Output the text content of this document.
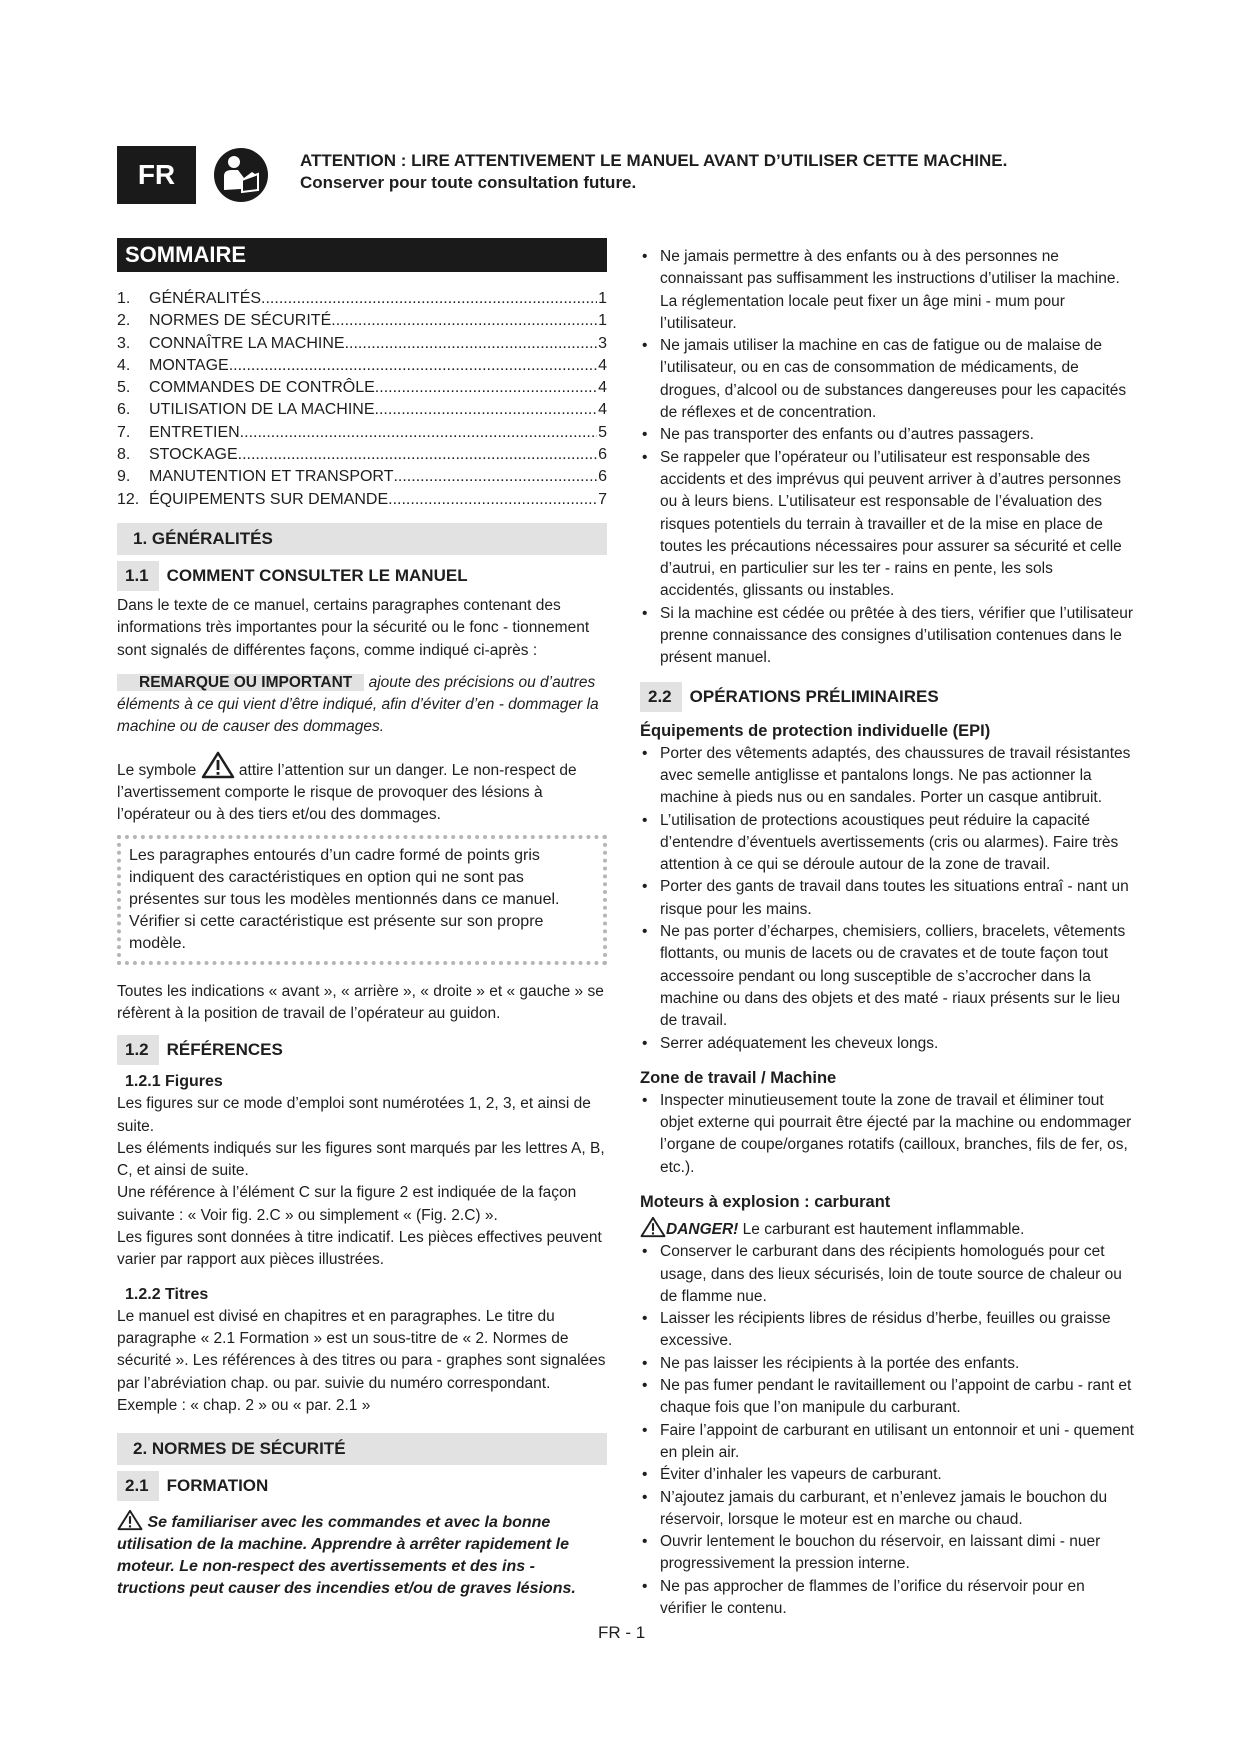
FR	ATTENTION : LIRE ATTENTIVEMENT LE MANUEL AVANT D’UTILISER CETTE MACHINE.
Conserver pour toute consultation future.
SOMMAIRE
1.	GÉNÉRALITÉS .....	1
2.	NORMES DE SÉCURITÉ .....	1
3.	CONNAÎTRE LA MACHINE .....	3
4.	MONTAGE .....	4
5.	COMMANDES DE CONTRÔLE .....	4
6.	UTILISATION DE LA MACHINE .....	4
7.	ENTRETIEN .....	5
8.	STOCKAGE .....	6
9.	MANUTENTION ET TRANSPORT .....	6
12. ÉQUIPEMENTS SUR DEMANDE .....	7
1. GÉNÉRALITÉS
1.1	COMMENT CONSULTER LE MANUEL
Dans le texte de ce manuel, certains paragraphes contenant des informations très importantes pour la sécurité ou le fonc - tionnement sont signalés de différentes façons, comme indiqué ci-après :
REMARQUE OU IMPORTANT ajoute des précisions ou d’autres éléments à ce qui vient d’être indiqué, afin d’éviter d’en - dommager la machine ou de causer des dommages.
Le symbole	attire l’attention sur un danger. Le non-respect de l’avertissement comporte le risque de provoquer des lésions à l’opérateur ou à des tiers et/ou des dommages.
Les paragraphes entourés d’un cadre formé de points gris indiquent des caractéristiques en option qui ne sont pas présentes sur tous les modèles mentionnés dans ce manuel. Vérifier si cette caractéristique est présente sur son propre modèle.
Toutes les indications « avant », « arrière », « droite » et « gauche » se réfèrent à la position de travail de l’opérateur au guidon.
1.2	RÉFÉRENCES
1.2.1 Figures
Les figures sur ce mode d’emploi sont numérotées 1, 2, 3, et ainsi de suite.
Les éléments indiqués sur les figures sont marqués par les lettres A, B, C, et ainsi de suite.
Une référence à l’élément C sur la figure 2 est indiquée de la façon suivante : « Voir fig. 2.C » ou simplement « (Fig. 2.C) ».
Les figures sont données à titre indicatif. Les pièces effectives peuvent varier par rapport aux pièces illustrées.
1.2.2 Titres
Le manuel est divisé en chapitres et en paragraphes. Le titre du paragraphe « 2.1 Formation » est un sous-titre de « 2. Normes de sécurité ». Les références à des titres ou para - graphes sont signalées par l’abréviation chap. ou par. suivie du numéro correspondant. Exemple : « chap. 2 » ou « par. 2.1 »
2. NORMES DE SÉCURITÉ
2.1	FORMATION
Se familiariser avec les commandes et avec la bonne utilisation de la machine. Apprendre à arrêter rapidement le moteur. Le non-respect des avertissements et des ins - tructions peut causer des incendies et/ou de graves lésions.
• Ne jamais permettre à des enfants ou à des personnes ne connaissant pas suffisamment les instructions d’utiliser la machine. La réglementation locale peut fixer un âge mini - mum pour l’utilisateur.
• Ne jamais utiliser la machine en cas de fatigue ou de malaise de l’utilisateur, ou en cas de consommation de médicaments, de drogues, d’alcool ou de substances dangereuses pour les capacités de réflexes et de concentration.
• Ne pas transporter des enfants ou d’autres passagers.
• Se rappeler que l’opérateur ou l’utilisateur est responsable des accidents et des imprévus qui peuvent arriver à d’autres personnes ou à leurs biens. L’utilisateur est responsable de l’évaluation des risques potentiels du terrain à travailler et de la mise en place de toutes les précautions nécessaires pour assurer sa sécurité et celle d’autrui, en particulier sur les ter - rains en pente, les sols accidentés, glissants ou instables.
• Si la machine est cédée ou prêtée à des tiers, vérifier que l’utilisateur prenne connaissance des consignes d’utilisation contenues dans le présent manuel.
2.2	OPÉRATIONS PRÉLIMINAIRES
Équipements de protection individuelle (EPI)
• Porter des vêtements adaptés, des chaussures de travail résistantes avec semelle antiglisse et pantalons longs. Ne pas actionner la machine à pieds nus ou en sandales. Porter un casque antibruit.
• L’utilisation de protections acoustiques peut réduire la capacité d’entendre d’éventuels avertissements (cris ou alarmes). Faire très attention à ce qui se déroule autour de la zone de travail.
• Porter des gants de travail dans toutes les situations entraî - nant un risque pour les mains.
• Ne pas porter d’écharpes, chemisiers, colliers, bracelets, vêtements flottants, ou munis de lacets ou de cravates et de toute façon tout accessoire pendant ou long susceptible de s’accrocher dans la machine ou dans des objets et des maté - riaux présents sur le lieu de travail.
• Serrer adéquatement les cheveux longs.
Zone de travail / Machine
• Inspecter minutieusement toute la zone de travail et éliminer tout objet externe qui pourrait être éjecté par la machine ou endommager l’organe de coupe/organes rotatifs (cailloux, branches, fils de fer, os, etc.).
Moteurs à explosion : carburant
DANGER! Le carburant est hautement inflammable.
• Conserver le carburant dans des récipients homologués pour cet usage, dans des lieux sécurisés, loin de toute source de chaleur ou de flamme nue.
• Laisser les récipients libres de résidus d’herbe, feuilles ou graisse excessive.
• Ne pas laisser les récipients à la portée des enfants.
• Ne pas fumer pendant le ravitaillement ou l’appoint de carbu - rant et chaque fois que l’on manipule du carburant.
• Faire l’appoint de carburant en utilisant un entonnoir et uni - quement en plein air.
• Éviter d’inhaler les vapeurs de carburant.
• N’ajoutez jamais du carburant, et n’enlevez jamais le bouchon du réservoir, lorsque le moteur est en marche ou chaud.
• Ouvrir lentement le bouchon du réservoir, en laissant dimi - nuer progressivement la pression interne.
• Ne pas approcher de flammes de l’orifice du réservoir pour en vérifier le contenu.
FR - 1
